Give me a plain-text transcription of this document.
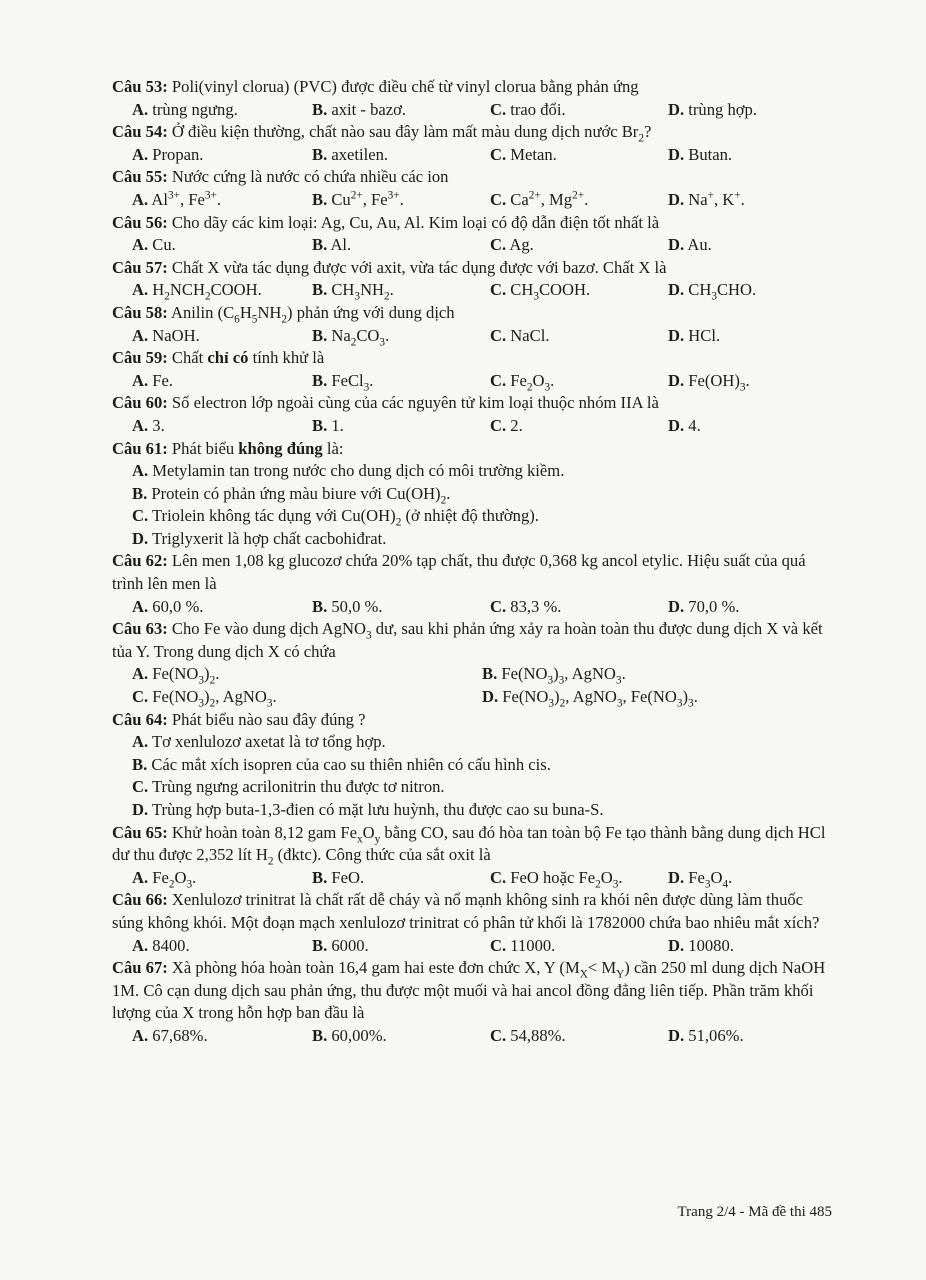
Câu 53: Poli(vinyl clorua) (PVC) được điều chế từ vinyl clorua bằng phản ứng

A. trùng ngưng.	B. axit - bazơ.	C. trao đổi.	D. trùng hợp.

Câu 54: Ở điều kiện thường, chất nào sau đây làm mất màu dung dịch nước $Br_2$?

A. Propan.	B. axetilen.	C. Metan.	D. Butan.

Câu 55: Nước cứng là nước có chứa nhiều các ion

A. $Al^{3+}$, $Fe^{3+}$.	B. $Cu^{2+}$, $Fe^{3+}$.	C. $Ca^{2+}$, $Mg^{2+}$.	D. Na+, K+.

Câu 56: Cho dãy các kim loại: Ag, Cu, Au, Al. Kim loại có độ dẫn điện tốt nhất là

A. Cu.	B. Al.	C. Ag.	D. Au.

Câu 57: Chất X vừa tác dụng được với axit, vừa tác dụng được với bazơ. Chất X là

A. $H_2NCH_2COOH$.	B. $CH_3NH_2$.	C. $CH_3COOH$.	D. $CH_3CHO$.

Câu 58: Anilin $(C_6H_5NH_2)$ phản ứng với dung dịch

A. NaOH.	B. $Na_2CO_3$.	C. NaCl.	D. HCl.

Câu 59: Chất chỉ có tính khử là

A. Fe.	B. FeCl$_3$.	C. $Fe_2O_3$.	D. $Fe(OH)_3$.

Câu 60: Số electron lớp ngoài cùng của các nguyên tử kim loại thuộc nhóm IIA là

A. 3.	B. 1.	C. 2.	D. 4.

Câu 61: Phát biểu không đúng là:

A. Metylamin tan trong nước cho dung dịch có môi trường kiềm.
B. Protein có phản ứng màu biure với $Cu(OH)_2$.
C. Triolein không tác dụng với $Cu(OH)_2$ (ở nhiệt độ thường).
D. Triglyxerit là hợp chất cacbohiđrat.

Câu 62: Lên men 1,08 kg glucozơ chứa 20% tạp chất, thu được 0,368 kg ancol etylic. Hiệu suất của quá trình lên men là

A. 60,0 %.	B. 50,0 %.	C. 83,3 %.	D. 70,0 %.

Câu 63: Cho Fe vào dung dịch AgNO$_3$ dư, sau khi phản ứng xảy ra hoàn toàn thu được dung dịch X và kết tủa Y. Trong dung dịch X có chứa

A. $Fe(NO_3)_2$.	B. $Fe(NO_3)_3$, AgNO$_3$.
C. $Fe(NO_3)_2$, AgNO$_3$.	D. $Fe(NO_3)_2$, AgNO$_3$, $Fe(NO_3)_3$.

Câu 64: Phát biểu nào sau đây đúng ?

A. Tơ xenlulozơ axetat là tơ tổng hợp.
B. Các mắt xích isopren của cao su thiên nhiên có cấu hình cis.
C. Trùng ngưng acrilonitrin thu được tơ nitron.
D. Trùng hợp buta-1,3-đien có mặt lưu huỳnh, thu được cao su buna-S.

Câu 65: Khử hoàn toàn 8,12 gam $Fe_xO_y$ bằng CO, sau đó hòa tan toàn bộ Fe tạo thành bằng dung dịch HCl dư thu được 2,352 lít $H_2$ (đktc). Công thức của sắt oxit là

A. $Fe_2O_3$.	B. FeO.	C. FeO hoặc $Fe_2O_3$.	D. $Fe_3O_4$.

Câu 66: Xenlulozơ trinitrat là chất rất dễ cháy và nổ mạnh không sinh ra khói nên được dùng làm thuốc súng không khói. Một đoạn mạch xenlulozơ trinitrat có phân tử khối là 1782000 chứa bao nhiêu mắt xích?

A. 8400.	B. 6000.	C. 11000.	D. 10080.

Câu 67: Xà phòng hóa hoàn toàn 16,4 gam hai este đơn chức X, Y $(M_X< M_Y)$ cần 250 ml dung dịch NaOH 1M. Cô cạn dung dịch sau phản ứng, thu được một muối và hai ancol đồng đẳng liên tiếp. Phần trăm khối lượng của X trong hỗn hợp ban đầu là

A. 67,68%.	B. 60,00%.	C. 54,88%.	D. 51,06%.
Trang 2/4 - Mã đề thi 485
